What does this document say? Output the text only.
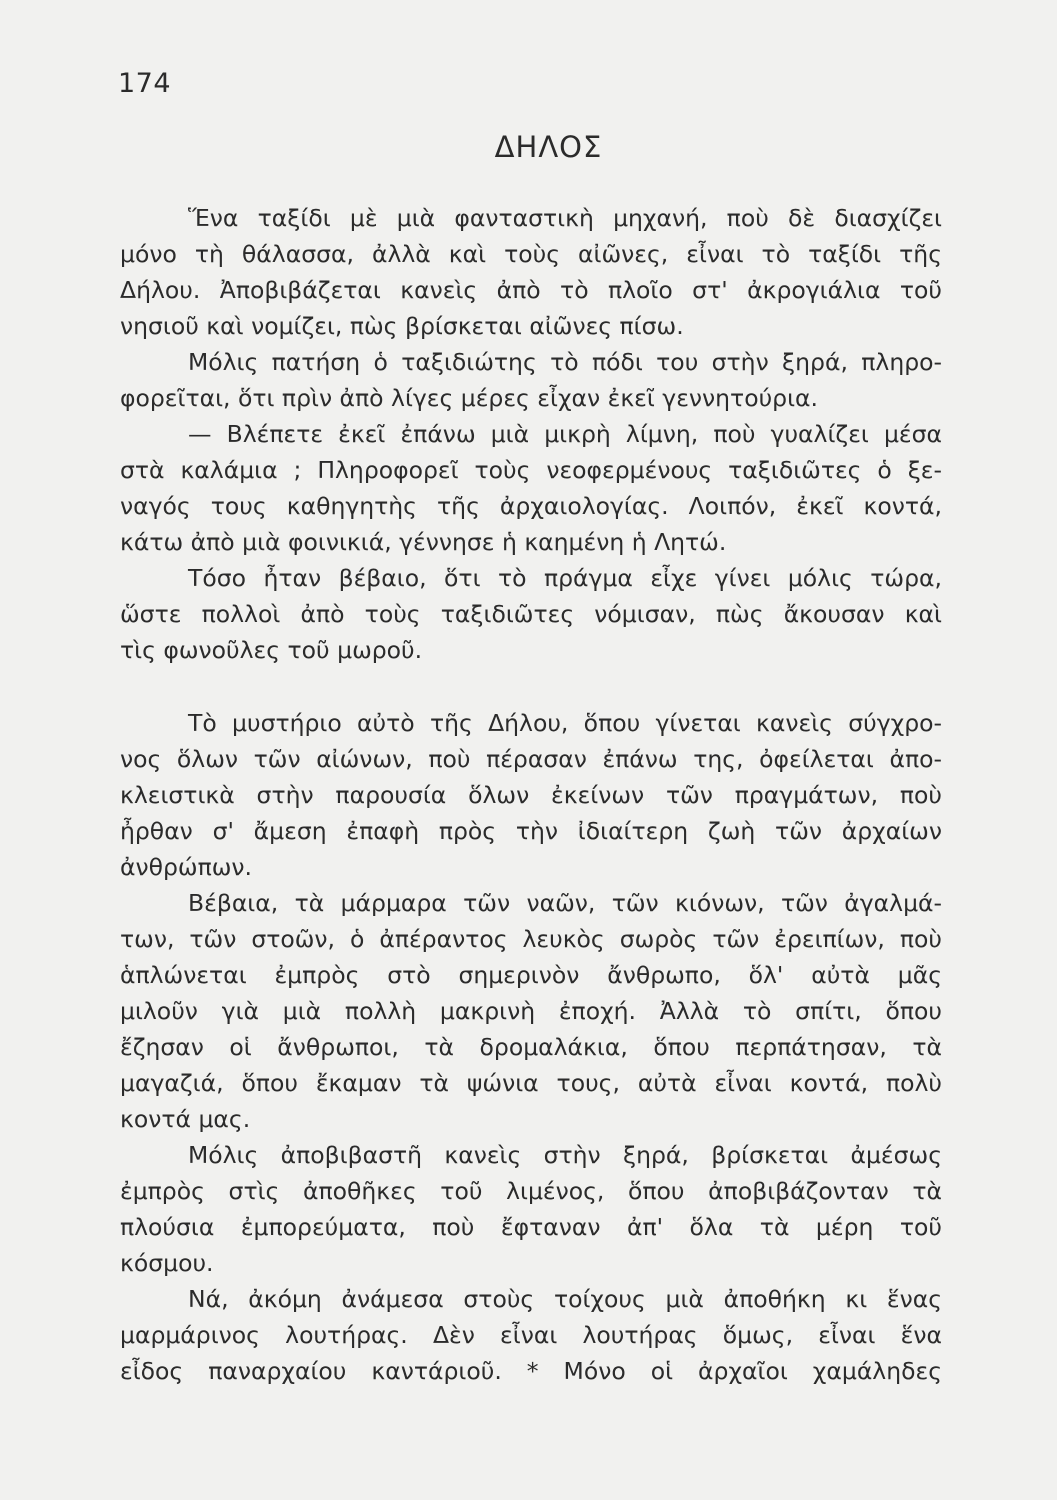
174
ΔΗΛΟΣ
Ἕνα ταξίδι μὲ μιὰ φανταστικὴ μηχανή, ποὺ δὲ διασχίζει
μόνο τὴ θάλασσα, ἀλλὰ καὶ τοὺς αἰῶνες, εἶναι τὸ ταξίδι τῆς
Δήλου. Ἀποβιβάζεται κανεὶς ἀπὸ τὸ πλοῖο στ' ἀκρογιάλια τοῦ
νησιοῦ καὶ νομίζει, πὼς βρίσκεται αἰῶνες πίσω.
Μόλις πατήση ὁ ταξιδιώτης τὸ πόδι του στὴν ξηρά, πληρο-
φορεῖται, ὅτι πρὶν ἀπὸ λίγες μέρες εἶχαν ἐκεῖ γεννητούρια.
— Βλέπετε ἐκεῖ ἐπάνω μιὰ μικρὴ λίμνη, ποὺ γυαλίζει μέσα
στὰ καλάμια ; Πληροφορεῖ τοὺς νεοφερμένους ταξιδιῶτες ὁ ξε-
ναγός τους καθηγητὴς τῆς ἀρχαιολογίας. Λοιπόν, ἐκεῖ κοντά,
κάτω ἀπὸ μιὰ φοινικιά, γέννησε ἡ καημένη ἡ Λητώ.
Τόσο ἦταν βέβαιο, ὅτι τὸ πράγμα εἶχε γίνει μόλις τώρα,
ὥστε πολλοὶ ἀπὸ τοὺς ταξιδιῶτες νόμισαν, πὼς ἄκουσαν καὶ
τὶς φωνοῦλες τοῦ μωροῦ.
Τὸ μυστήριο αὐτὸ τῆς Δήλου, ὅπου γίνεται κανεὶς σύγχρο-
νος ὅλων τῶν αἰώνων, ποὺ πέρασαν ἐπάνω της, ὀφείλεται ἀπο-
κλειστικὰ στὴν παρουσία ὅλων ἐκείνων τῶν πραγμάτων, ποὺ
ἦρθαν σ' ἄμεση ἐπαφὴ πρὸς τὴν ἰδιαίτερη ζωὴ τῶν ἀρχαίων
ἀνθρώπων.
Βέβαια, τὰ μάρμαρα τῶν ναῶν, τῶν κιόνων, τῶν ἀγαλμά-
των, τῶν στοῶν, ὁ ἀπέραντος λευκὸς σωρὸς τῶν ἐρειπίων, ποὺ
ἁπλώνεται ἐμπρὸς στὸ σημερινὸν ἄνθρωπο, ὅλ' αὐτὰ μᾶς
μιλοῦν γιὰ μιὰ πολλὴ μακρινὴ ἐποχή. Ἀλλὰ τὸ σπίτι, ὅπου
ἔζησαν οἱ ἄνθρωποι, τὰ δρομαλάκια, ὅπου περπάτησαν, τὰ
μαγαζιά, ὅπου ἔκαμαν τὰ ψώνια τους, αὐτὰ εἶναι κοντά, πολὺ
κοντά μας.
Μόλις ἀποβιβαστῆ κανεὶς στὴν ξηρά, βρίσκεται ἀμέσως
ἐμπρὸς στὶς ἀποθῆκες τοῦ λιμένος, ὅπου ἀποβιβάζονταν τὰ
πλούσια ἐμπορεύματα, ποὺ ἔφταναν ἀπ' ὅλα τὰ μέρη τοῦ
κόσμου.
Νά, ἀκόμη ἀνάμεσα στοὺς τοίχους μιὰ ἀποθήκη κι ἕνας
μαρμάρινος λουτήρας. Δὲν εἶναι λουτήρας ὅμως, εἶναι ἕνα
εἶδος παναρχαίου καντάριοῦ. * Μόνο οἱ ἀρχαῖοι χαμάληδες
